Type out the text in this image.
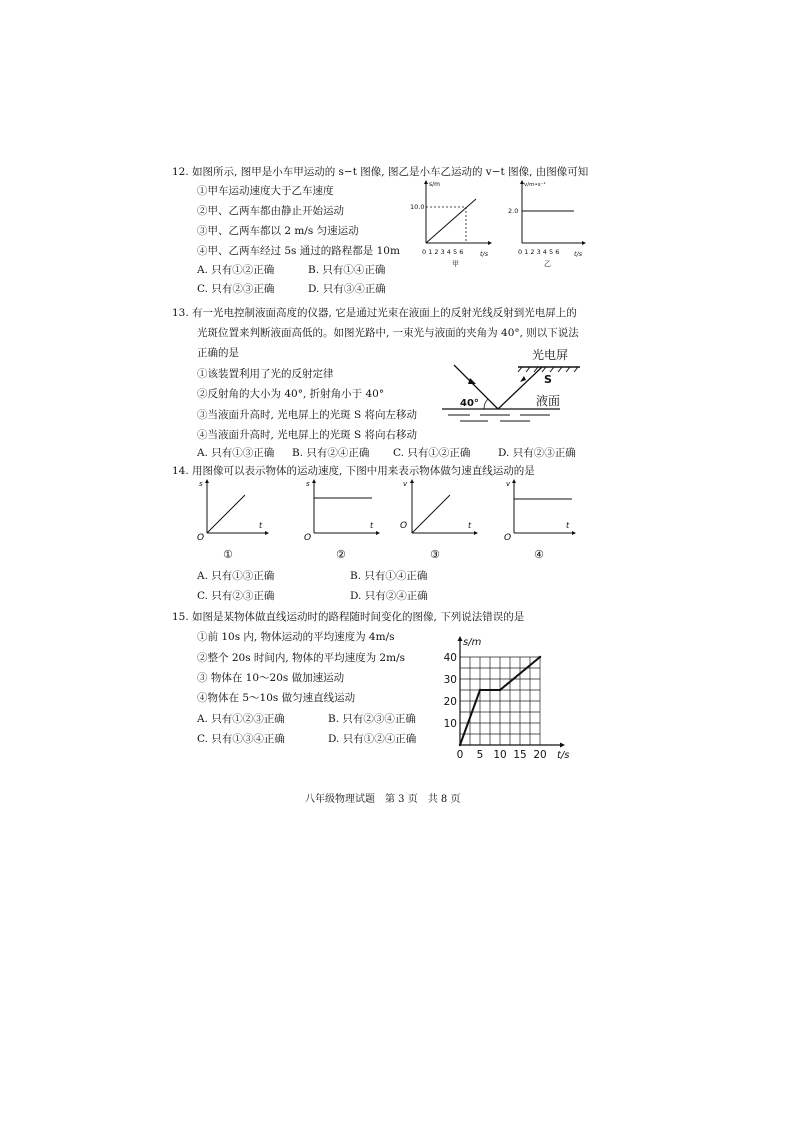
12. 如图所示, 图甲是小车甲运动的 s−t 图像, 图乙是小车乙运动的 v−t 图像, 由图像可知
①甲车运动速度大于乙车速度
②甲、乙两车都由静止开始运动
③甲、乙两车都以 2 m/s 匀速运动
④甲、乙两车经过 5s 通过的路程都是 10m
A. 只有①②正确	B. 只有①④正确
C. 只有②③正确	D. 只有③④正确
s/m
10.0
0 1 2 3 4 5 6	t/s
甲
v/m•s⁻¹
2.0
0 1 2 3 4 5 6 t/s
乙
13. 有一光电控制液面高度的仪器, 它是通过光束在液面上的反射光线反射到光电屏上的
光斑位置来判断液面高低的。如图光路中, 一束光与液面的夹角为 40°, 则以下说法
正确的是
①该装置利用了光的反射定律
②反射角的大小为 40°, 折射角小于 40°
③当液面升高时, 光电屏上的光斑 S 将向左移动
④当液面升高时, 光电屏上的光斑 S 将向右移动
A. 只有①③正确 B. 只有②④正确 C. 只有①②正确	D. 只有②③正确
光电屏
S
40°	液面
14. 用图像可以表示物体的运动速度, 下图中用来表示物体做匀速直线运动的是
s
t
O
①
s
t
O
②
v
t
O
③
v
t
O
④
A. 只有①③正确	B. 只有①④正确
C. 只有②③正确	D. 只有②④正确
15. 如图是某物体做直线运动时的路程随时间变化的图像, 下列说法错误的是
①前 10s 内, 物体运动的平均速度为 4m/s
②整个 20s 时间内, 物体的平均速度为 2m/s
③ 物体在 10～20s 做加速运动
④物体在 5～10s 做匀速直线运动
A. 只有①②③正确	B. 只有②③④正确
C. 只有①③④正确	D. 只有①②④正确
10
20
30
40
0 5 10 15 20
s/m
t/s
八年级物理试题　第 3 页　共 8 页
